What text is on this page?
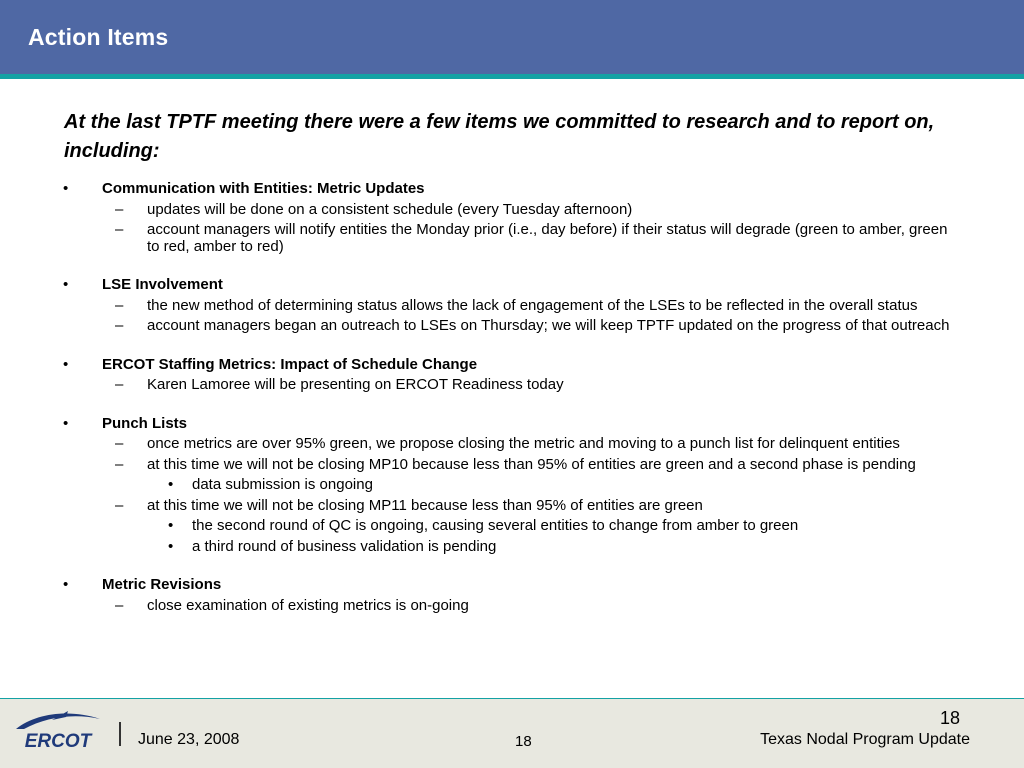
Action Items
At the last TPTF meeting there were a few items we committed to research and to report on, including:
• Communication with Entities: Metric Updates
– updates will be done on a consistent schedule (every Tuesday afternoon)
– account managers will notify entities the Monday prior (i.e., day before) if their status will degrade (green to amber, green to red, amber to red)
• LSE Involvement
– the new method of determining status allows the lack of engagement of the LSEs to be reflected in the overall status
– account managers began an outreach to LSEs on Thursday; we will keep TPTF updated on the progress of that outreach
• ERCOT Staffing Metrics: Impact of Schedule Change
– Karen Lamoree will be presenting on ERCOT Readiness today
• Punch Lists
– once metrics are over 95% green, we propose closing the metric and moving to a punch list for delinquent entities
– at this time we will not be closing MP10 because less than 95% of entities are green and a second phase is pending
• data submission is ongoing
– at this time we will not be closing MP11 because less than 95% of entities are green
• the second round of QC is ongoing, causing several entities to change from amber to green
• a third round of business validation is pending
• Metric Revisions
– close examination of existing metrics is on-going
ERCOT	June 23, 2008	18
18
Texas Nodal Program Update
